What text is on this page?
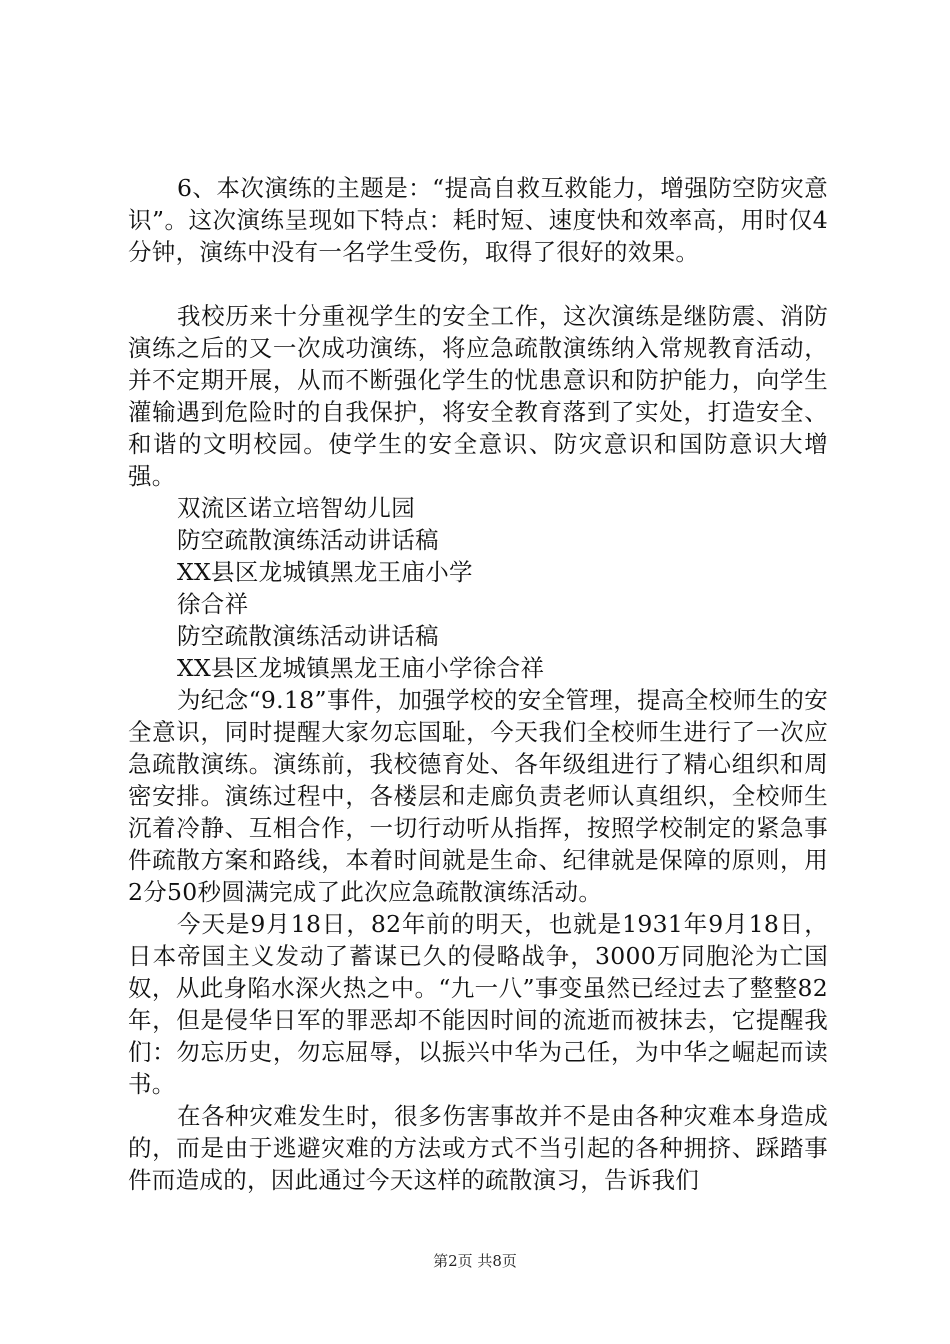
6、本次演练的主题是：“提高自救互救能力，增强防空防灾意识”。这次演练呈现如下特点：耗时短、速度快和效率高，用时仅4分钟，演练中没有一名学生受伤，取得了很好的效果。

我校历来十分重视学生的安全工作，这次演练是继防震、消防演练之后的又一次成功演练，将应急疏散演练纳入常规教育活动，并不定期开展，从而不断强化学生的忧患意识和防护能力，向学生灌输遇到危险时的自我保护，将安全教育落到了实处，打造安全、和谐的文明校园。使学生的安全意识、防灾意识和国防意识大增强。

双流区诺立培智幼儿园

防空疏散演练活动讲话稿

XX县区龙城镇黑龙王庙小学

徐合祥

防空疏散演练活动讲话稿

XX县区龙城镇黑龙王庙小学徐合祥

为纪念“9.18”事件，加强学校的安全管理，提高全校师生的安全意识，同时提醒大家勿忘国耻，今天我们全校师生进行了一次应急疏散演练。演练前，我校德育处、各年级组进行了精心组织和周密安排。演练过程中，各楼层和走廊负责老师认真组织，全校师生沉着冷静、互相合作，一切行动听从指挥，按照学校制定的紧急事件疏散方案和路线，本着时间就是生命、纪律就是保障的原则，用2分50秒圆满完成了此次应急疏散演练活动。

今天是9月18日，82年前的明天，也就是1931年9月18日，日本帝国主义发动了蓄谋已久的侵略战争，3000万同胞沦为亡国奴，从此身陷水深火热之中。“九一八”事变虽然已经过去了整整82年，但是侵华日军的罪恶却不能因时间的流逝而被抹去，它提醒我们：勿忘历史，勿忘屈辱，以振兴中华为己任，为中华之崛起而读书。

在各种灾难发生时，很多伤害事故并不是由各种灾难本身造成的，而是由于逃避灾难的方法或方式不当引起的各种拥挤、踩踏事件而造成的，因此通过今天这样的疏散演习，告诉我们

第2页 共8页
